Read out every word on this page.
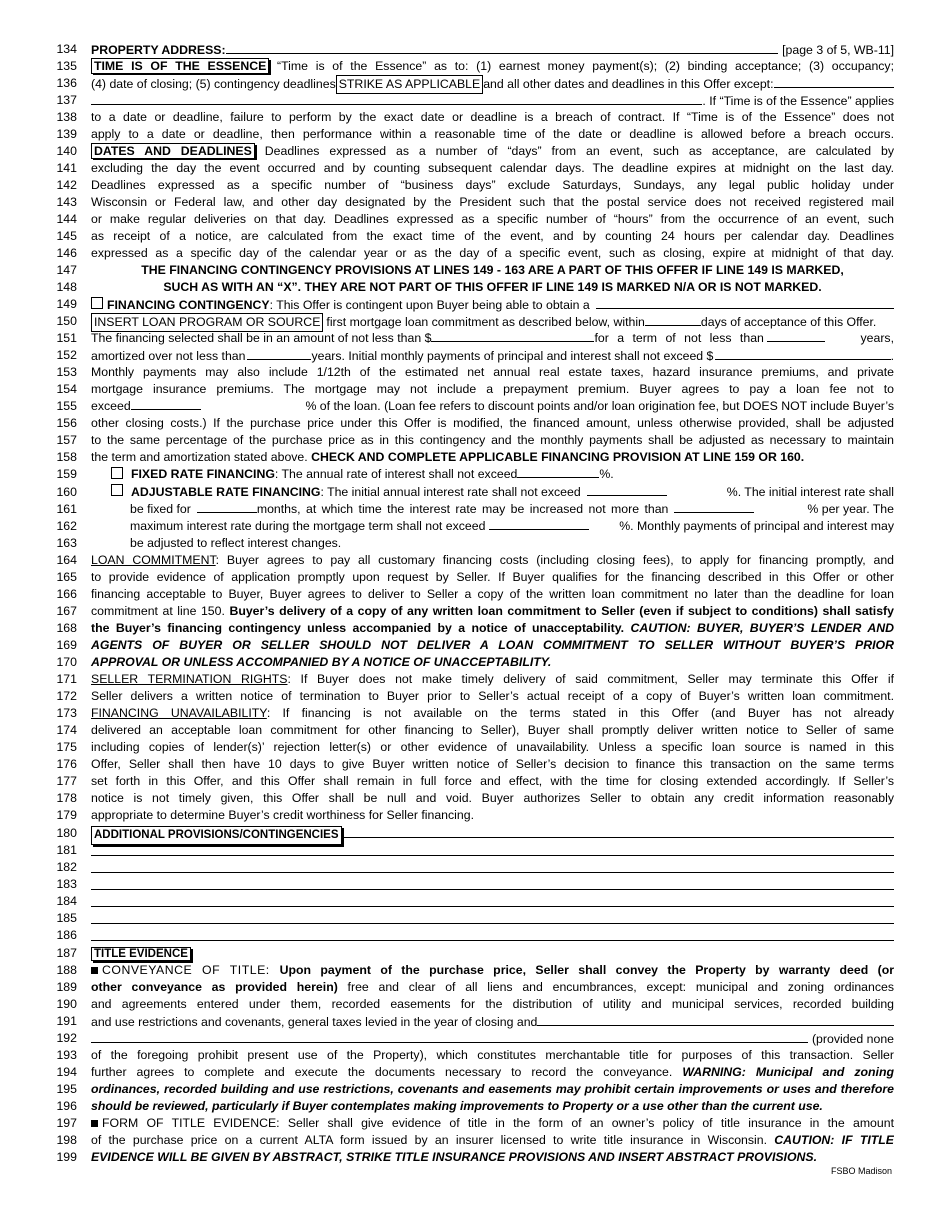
134 PROPERTY ADDRESS:	[page 3 of 5, WB-11]
135 TIME IS OF THE ESSENCE “Time is of the Essence” as to: (1) earnest money payment(s); (2) binding acceptance; (3) occupancy;
136 (4) date of closing; (5) contingency deadlines STRIKE AS APPLICABLE and all other dates and deadlines in this Offer except:
137	. If “Time is of the Essence” applies
138 to a date or deadline, failure to perform by the exact date or deadline is a breach of contract. If “Time is of the Essence” does not
139 apply to a date or deadline, then performance within a reasonable time of the date or deadline is allowed before a breach occurs.
140 DATES AND DEADLINES Deadlines expressed as a number of “days” from an event, such as acceptance, are calculated by
141 excluding the day the event occurred and by counting subsequent calendar days. The deadline expires at midnight on the last day.
142 Deadlines expressed as a specific number of “business days” exclude Saturdays, Sundays, any legal public holiday under
143 Wisconsin or Federal law, and other day designated by the President such that the postal service does not received registered mail
144 or make regular deliveries on that day. Deadlines expressed as a specific number of “hours” from the occurrence of an event, such
145 as receipt of a notice, are calculated from the exact time of the event, and by counting 24 hours per calendar day. Deadlines
146 expressed as a specific day of the calendar year or as the day of a specific event, such as closing, expire at midnight of that day.
147	THE FINANCING CONTINGENCY PROVISIONS AT LINES 149 - 163 ARE A PART OF THIS OFFER IF LINE 149 IS MARKED,
148	SUCH AS WITH AN “X”. THEY ARE NOT PART OF THIS OFFER IF LINE 149 IS MARKED N/A OR IS NOT MARKED.
149 FINANCING CONTINGENCY : This Offer is contingent upon Buyer being able to obtain a
150 INSERT LOAN PROGRAM OR SOURCE first mortgage loan commitment as described below, within	days of acceptance of this Offer.
151 The financing selected shall be in an amount of not less than $	for a term of not less than	years,
152 amortized over not less than	years. Initial monthly payments of principal and interest shall not exceed $	.
153 Monthly payments may also include 1/12th of the estimated net annual real estate taxes, hazard insurance premiums, and private
154 mortgage insurance premiums. The mortgage may not include a prepayment premium. Buyer agrees to pay a loan fee not to
155 exceed	% of the loan. (Loan fee refers to discount points and/or loan origination fee, but DOES NOT include Buyer’s
156 other closing costs.) If the purchase price under this Offer is modified, the financed amount, unless otherwise provided, shall be adjusted
157 to the same percentage of the purchase price as in this contingency and the monthly payments shall be adjusted as necessary to maintain
158 the term and amortization stated above. CHECK AND COMPLETE APPLICABLE FINANCING PROVISION AT LINE 159 OR 160.
159	FIXED RATE FINANCING: The annual rate of interest shall not exceed	%.
160	ADJUSTABLE RATE FINANCING : The initial annual interest rate shall not exceed	%. The initial interest rate shall
161	be fixed for	months, at which time the interest rate may be increased not more than	% per year. The
162	maximum interest rate during the mortgage term shall not exceed	%. Monthly payments of principal and interest may
163	be adjusted to reflect interest changes.
164 LOAN COMMITMENT: Buyer agrees to pay all customary financing costs (including closing fees), to apply for financing promptly, and
165 to provide evidence of application promptly upon request by Seller. If Buyer qualifies for the financing described in this Offer or other
166 financing acceptable to Buyer, Buyer agrees to deliver to Seller a copy of the written loan commitment no later than the deadline for loan
167 commitment at line 150. Buyer’s delivery of a copy of any written loan commitment to Seller (even if subject to conditions) shall satisfy
168 the Buyer’s financing contingency unless accompanied by a notice of unacceptability. CAUTION: BUYER, BUYER’S LENDER AND
169 AGENTS OF BUYER OR SELLER SHOULD NOT DELIVER A LOAN COMMITMENT TO SELLER WITHOUT BUYER’S PRIOR
170 APPROVAL OR UNLESS ACCOMPANIED BY A NOTICE OF UNACCEPTABILITY.
171 SELLER TERMINATION RIGHTS: If Buyer does not make timely delivery of said commitment, Seller may terminate this Offer if
172 Seller delivers a written notice of termination to Buyer prior to Seller’s actual receipt of a copy of Buyer’s written loan commitment.
173 FINANCING UNAVAILABILITY: If financing is not available on the terms stated in this Offer (and Buyer has not already
174 delivered an acceptable loan commitment for other financing to Seller), Buyer shall promptly deliver written notice to Seller of same
175 including copies of lender(s)’ rejection letter(s) or other evidence of unavailability. Unless a specific loan source is named in this
176 Offer, Seller shall then have 10 days to give Buyer written notice of Seller’s decision to finance this transaction on the same terms
177 set forth in this Offer, and this Offer shall remain in full force and effect, with the time for closing extended accordingly. If Seller’s
178 notice is not timely given, this Offer shall be null and void. Buyer authorizes Seller to obtain any credit information reasonably
179 appropriate to determine Buyer’s credit worthiness for Seller financing.
180 ADDITIONAL PROVISIONS/CONTINGENCIES
181
182
183
184
185
186
187 TITLE EVIDENCE
188	CONVEYANCE OF TITLE: Upon payment of the purchase price, Seller shall convey the Property by warranty deed (or
189 other conveyance as provided herein) free and clear of all liens and encumbrances, except: municipal and zoning ordinances
190 and agreements entered under them, recorded easements for the distribution of utility and municipal services, recorded building
191 and use restrictions and covenants, general taxes levied in the year of closing and
192	(provided none
193 of the foregoing prohibit present use of the Property), which constitutes merchantable title for purposes of this transaction. Seller
194 further agrees to complete and execute the documents necessary to record the conveyance. WARNING: Municipal and zoning
195 ordinances, recorded building and use restrictions, covenants and easements may prohibit certain improvements or uses and therefore
196 should be reviewed, particularly if Buyer contemplates making improvements to Property or a use other than the current use.
197	FORM OF TITLE EVIDENCE: Seller shall give evidence of title in the form of an owner’s policy of title insurance in the amount
198 of the purchase price on a current ALTA form issued by an insurer licensed to write title insurance in Wisconsin. CAUTION: IF TITLE
199 EVIDENCE WILL BE GIVEN BY ABSTRACT, STRIKE TITLE INSURANCE PROVISIONS AND INSERT ABSTRACT PROVISIONS.
FSBO Madison
